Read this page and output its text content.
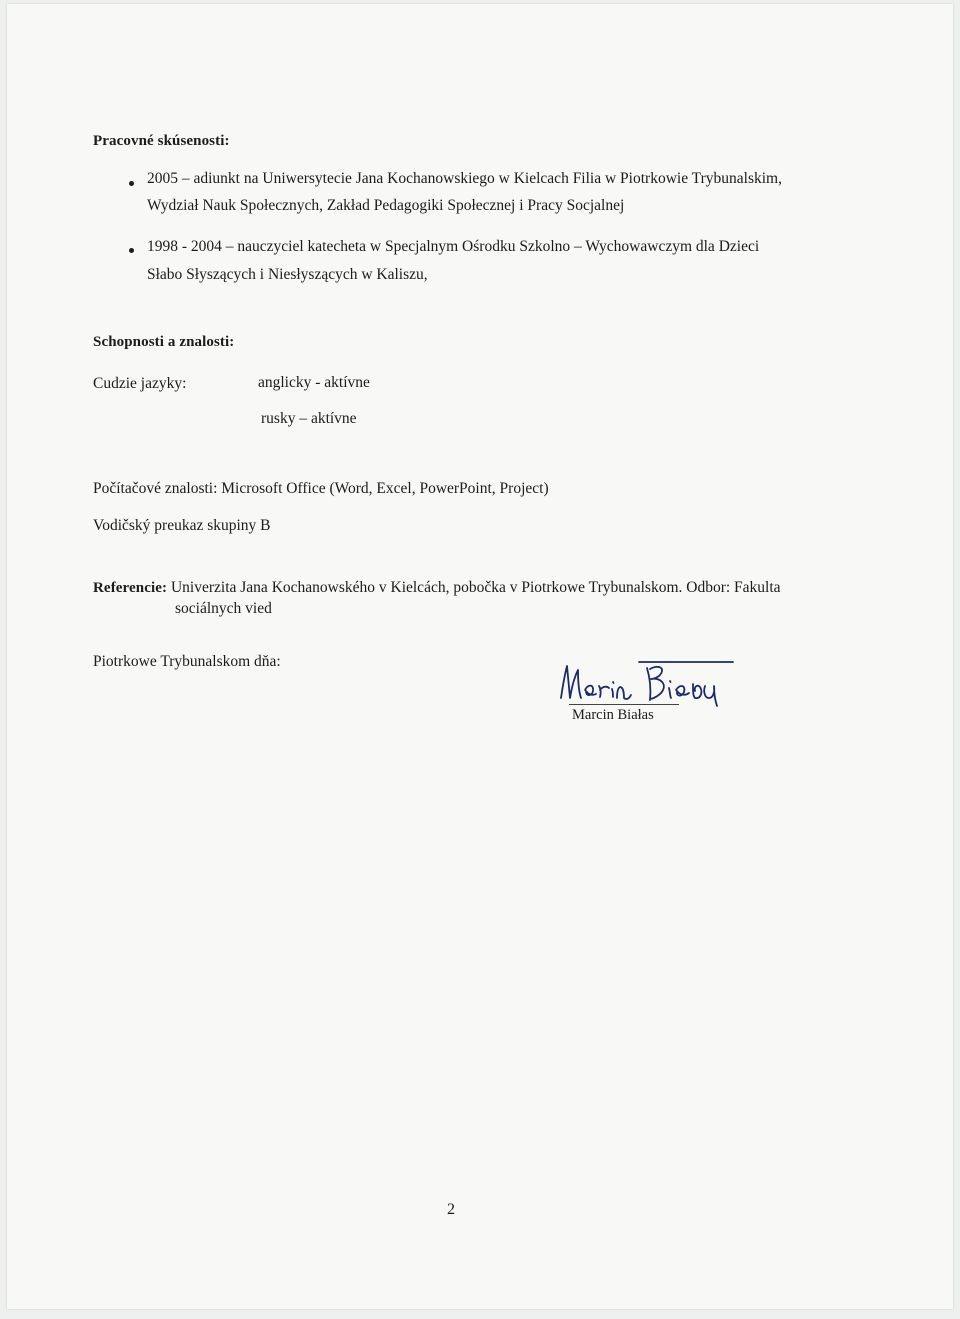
Pracovné skúsenosti:
2005 – adiunkt na Uniwersytecie Jana Kochanowskiego w Kielcach Filia w Piotrkowie Trybunalskim,
Wydział Nauk Społecznych, Zakład Pedagogiki Społecznej i Pracy Socjalnej
1998 - 2004 – nauczyciel katecheta w Specjalnym Ośrodku Szkolno – Wychowawczym dla Dzieci
Słabo Słyszących i Niesłyszących w Kaliszu,
Schopnosti a znalosti:
Cudzie jazyky:	anglicky - aktívne
rusky – aktívne
Počítačové znalosti: Microsoft Office (Word, Excel, PowerPoint, Project)
Vodičský preukaz skupiny B
Referencie: Univerzita Jana Kochanowského v Kielcách, pobočka v Piotrkowe Trybunalskom. Odbor: Fakulta
sociálnych vied
Piotrkowe Trybunalskom dňa:
Marcin Białas
2
